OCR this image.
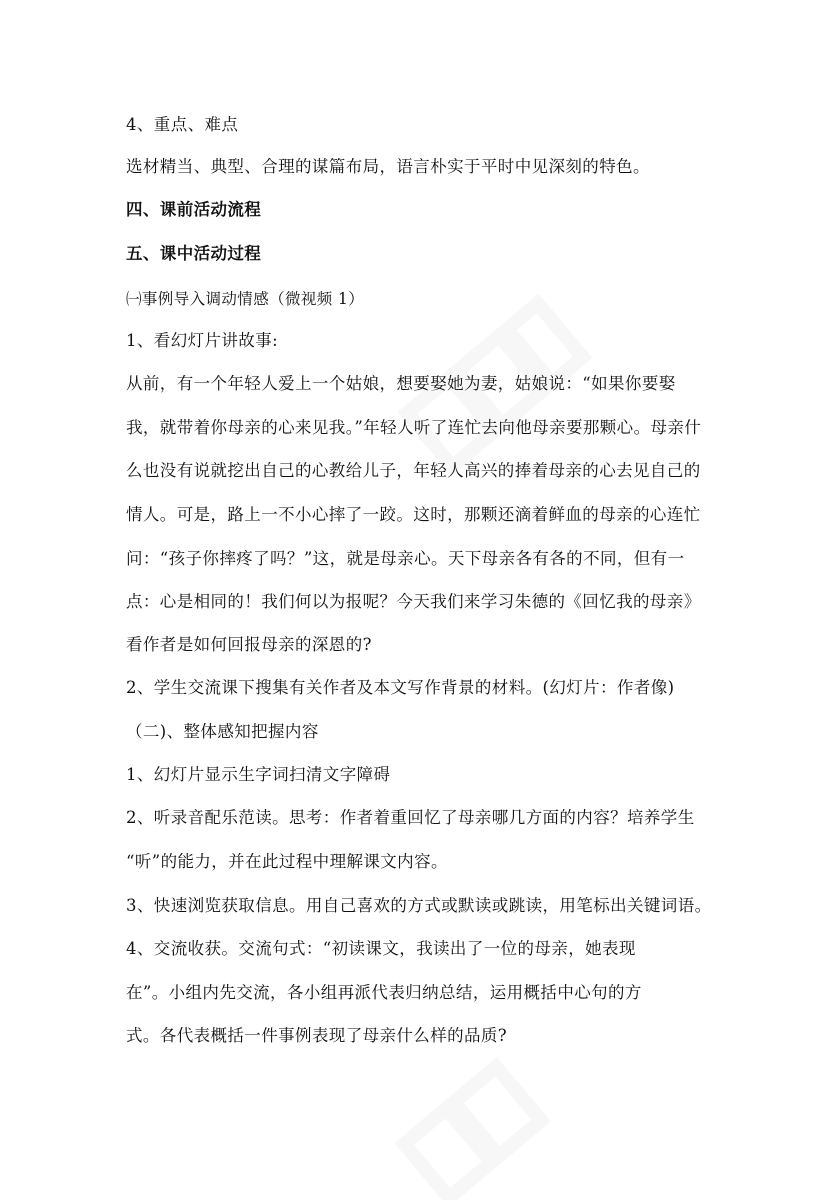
4、重点、难点
选材精当、典型、合理的谋篇布局，语言朴实于平时中见深刻的特色。
四、课前活动流程
五、课中活动过程
㈠事例导入调动情感（微视频 1）
1、看幻灯片讲故事:
从前，有一个年轻人爱上一个姑娘，想要娶她为妻，姑娘说：“如果你要娶
我，就带着你母亲的心来见我。”年轻人听了连忙去向他母亲要那颗心。母亲什
么也没有说就挖出自己的心教给儿子，年轻人高兴的捧着母亲的心去见自己的
情人。可是，路上一不小心摔了一跤。这时，那颗还滴着鲜血的母亲的心连忙
问：“孩子你摔疼了吗？”这，就是母亲心。天下母亲各有各的不同，但有一
点：心是相同的！我们何以为报呢？今天我们来学习朱德的《回忆我的母亲》
看作者是如何回报母亲的深恩的?
2、学生交流课下搜集有关作者及本文写作背景的材料。(幻灯片：作者像)
（二)、整体感知把握内容
1、幻灯片显示生字词扫清文字障碍
2、听录音配乐范读。思考：作者着重回忆了母亲哪几方面的内容？培养学生
“听”的能力，并在此过程中理解课文内容。
3、快速浏览获取信息。用自己喜欢的方式或默读或跳读，用笔标出关键词语。
4、交流收获。交流句式：“初读课文，我读出了一位的母亲，她表现
在”。小组内先交流，各小组再派代表归纳总结，运用概括中心句的方
式。各代表概括一件事例表现了母亲什么样的品质?
